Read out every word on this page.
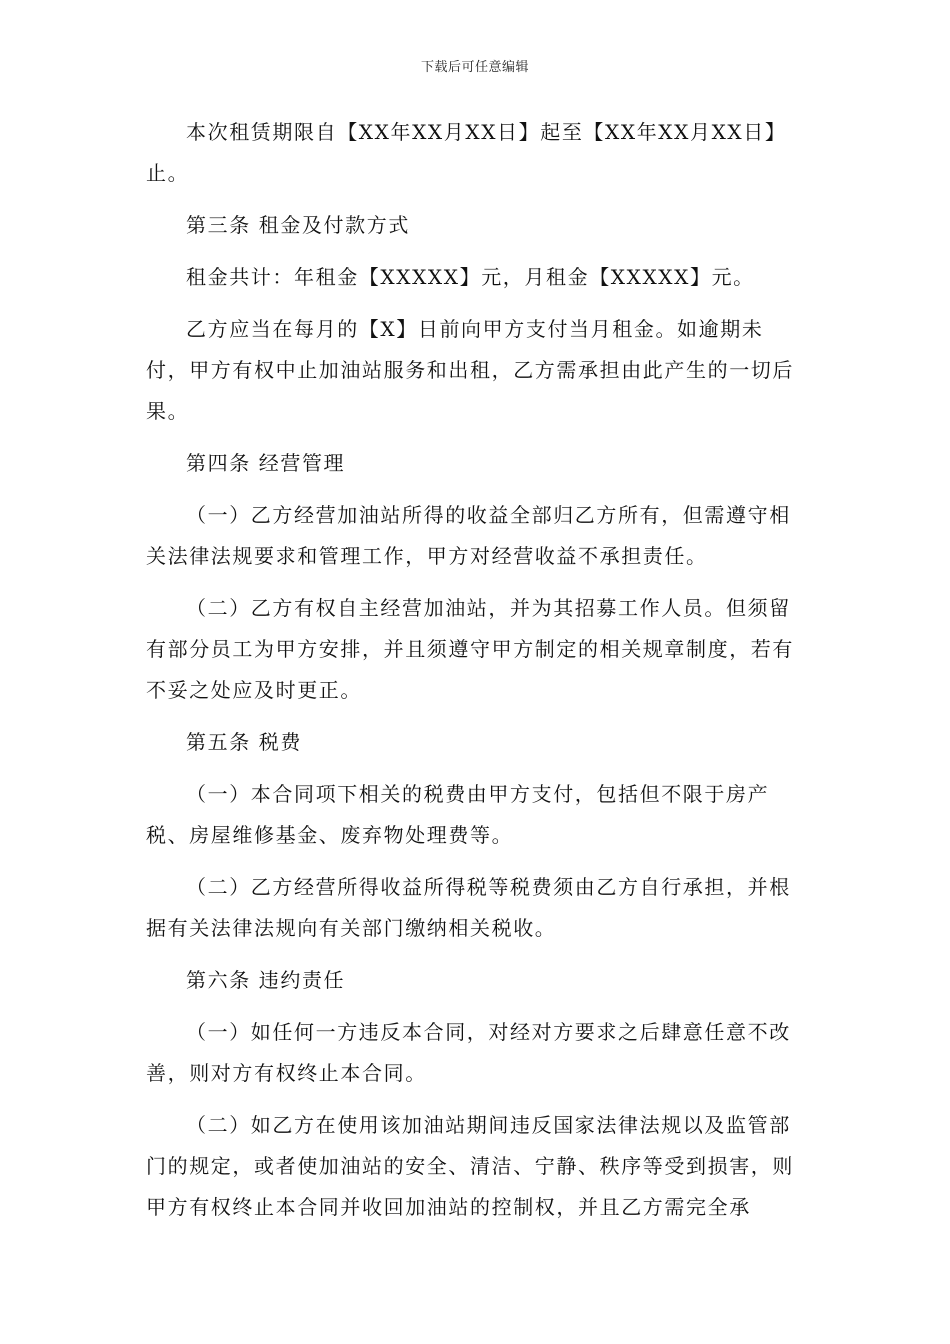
下载后可任意编辑

本次租赁期限自【XX年XX月XX日】起至【XX年XX月XX日】止。

第三条 租金及付款方式

租金共计：年租金【XXXXX】元，月租金【XXXXX】元。

乙方应当在每月的【X】日前向甲方支付当月租金。如逾期未付，甲方有权中止加油站服务和出租，乙方需承担由此产生的一切后果。

第四条 经营管理

（一）乙方经营加油站所得的收益全部归乙方所有，但需遵守相关法律法规要求和管理工作，甲方对经营收益不承担责任。

（二）乙方有权自主经营加油站，并为其招募工作人员。但须留有部分员工为甲方安排，并且须遵守甲方制定的相关规章制度，若有不妥之处应及时更正。

第五条 税费

（一）本合同项下相关的税费由甲方支付，包括但不限于房产税、房屋维修基金、废弃物处理费等。

（二）乙方经营所得收益所得税等税费须由乙方自行承担，并根据有关法律法规向有关部门缴纳相关税收。

第六条 违约责任

（一）如任何一方违反本合同，对经对方要求之后肆意任意不改善，则对方有权终止本合同。

（二）如乙方在使用该加油站期间违反国家法律法规以及监管部门的规定，或者使加油站的安全、清洁、宁静、秩序等受到损害，则甲方有权终止本合同并收回加油站的控制权，并且乙方需完全承
